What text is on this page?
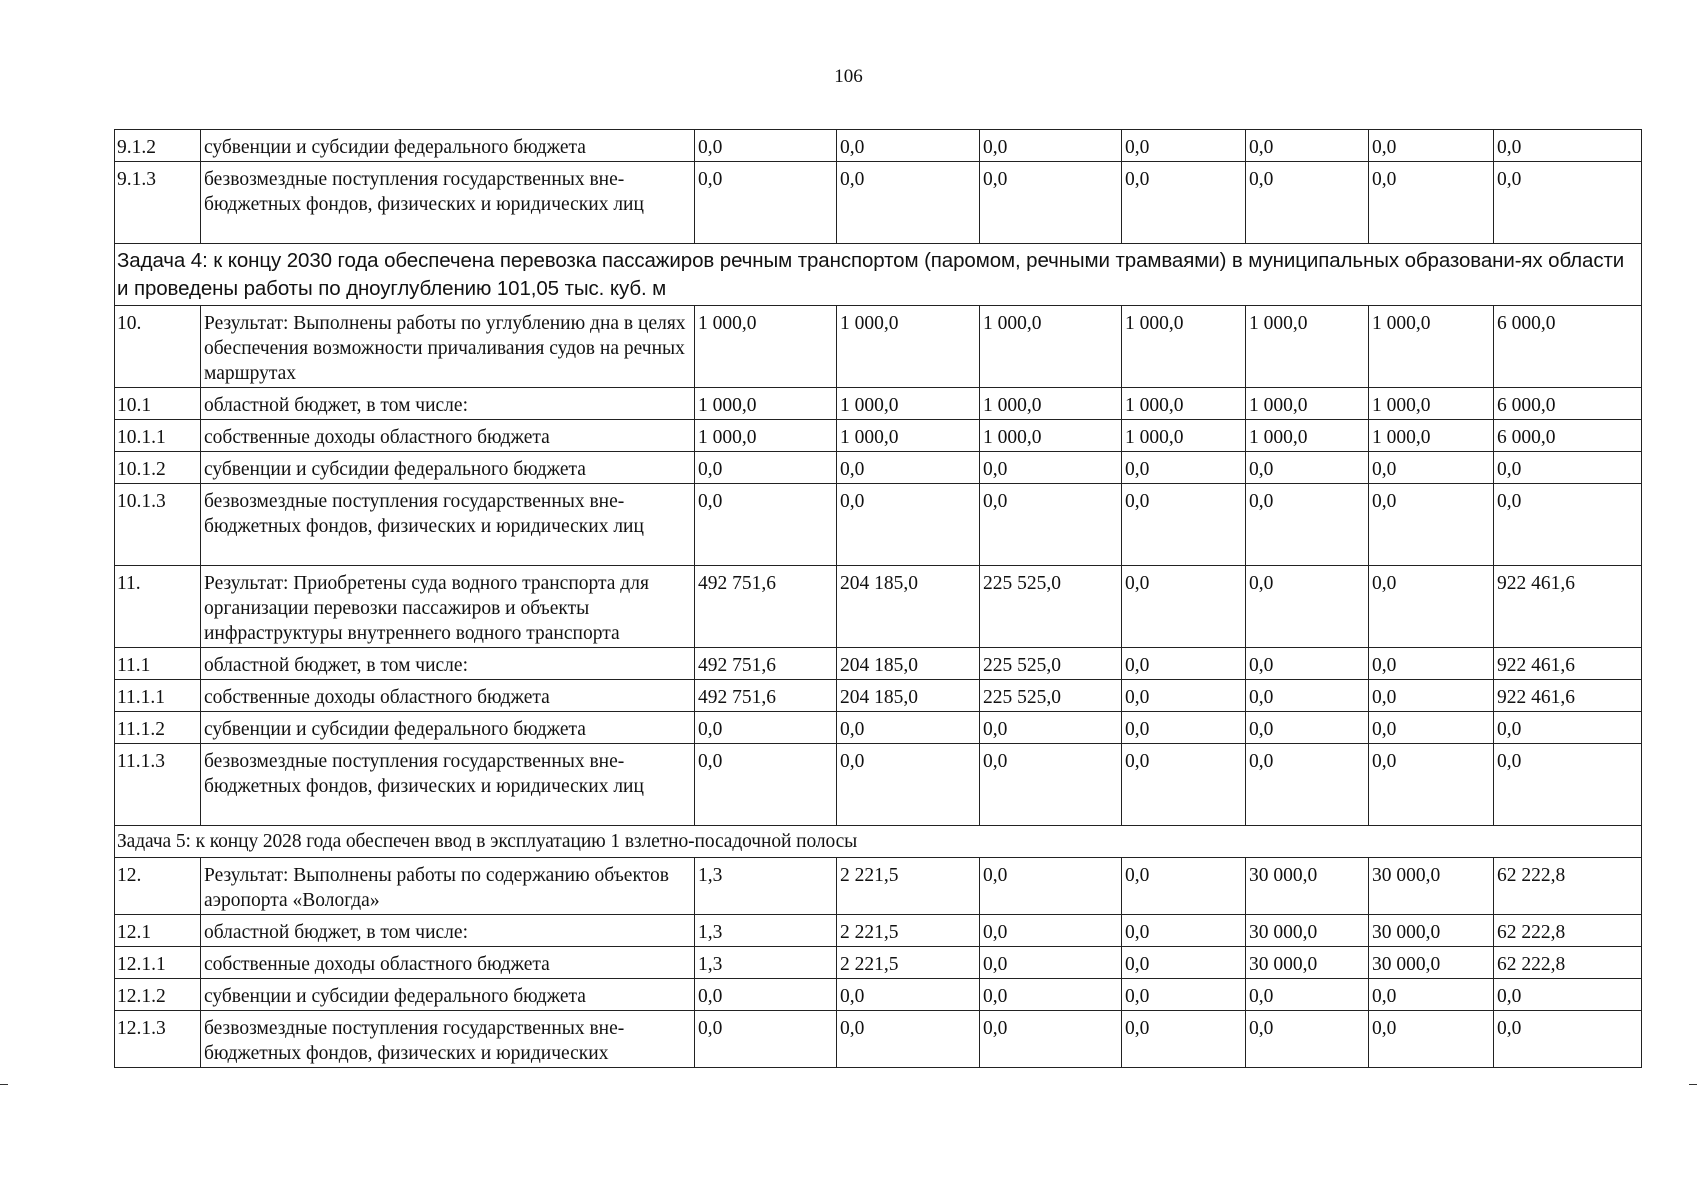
106
9.1.2	субвенции и субсидии федерального бюджета	0,0	0,0	0,0	0,0	0,0	0,0	0,0
9.1.3	безвозмездные поступления государственных вне-бюджетных фондов, физических и юридических лиц	0,0	0,0	0,0	0,0	0,0	0,0	0,0
Задача 4: к концу 2030 года обеспечена перевозка пассажиров речным транспортом (паромом, речными трамваями) в муниципальных образовани-ях области и проведены работы по дноуглублению 101,05 тыс. куб. м								
10.	Результат: Выполнены работы по углублению дна в целях обеспечения возможности причаливания судов на речных маршрутах	1 000,0	1 000,0	1 000,0	1 000,0	1 000,0	1 000,0	6 000,0
10.1	областной бюджет, в том числе:	1 000,0	1 000,0	1 000,0	1 000,0	1 000,0	1 000,0	6 000,0
10.1.1	собственные доходы областного бюджета	1 000,0	1 000,0	1 000,0	1 000,0	1 000,0	1 000,0	6 000,0
10.1.2	субвенции и субсидии федерального бюджета	0,0	0,0	0,0	0,0	0,0	0,0	0,0
10.1.3	безвозмездные поступления государственных вне-бюджетных фондов, физических и юридических лиц	0,0	0,0	0,0	0,0	0,0	0,0	0,0
11.	Результат: Приобретены суда водного транспорта для организации перевозки пассажиров и объекты инфраструктуры внутреннего водного транспорта	492 751,6	204 185,0	225 525,0	0,0	0,0	0,0	922 461,6
11.1	областной бюджет, в том числе:	492 751,6	204 185,0	225 525,0	0,0	0,0	0,0	922 461,6
11.1.1	собственные доходы областного бюджета	492 751,6	204 185,0	225 525,0	0,0	0,0	0,0	922 461,6
11.1.2	субвенции и субсидии федерального бюджета	0,0	0,0	0,0	0,0	0,0	0,0	0,0
11.1.3	безвозмездные поступления государственных вне-бюджетных фондов, физических и юридических лиц	0,0	0,0	0,0	0,0	0,0	0,0	0,0
Задача 5: к концу 2028 года обеспечен ввод в эксплуатацию 1 взлетно-посадочной полосы								
12.	Результат: Выполнены работы по содержанию объектов аэропорта «Вологда»	1,3	2 221,5	0,0	0,0	30 000,0	30 000,0	62 222,8
12.1	областной бюджет, в том числе:	1,3	2 221,5	0,0	0,0	30 000,0	30 000,0	62 222,8
12.1.1	собственные доходы областного бюджета	1,3	2 221,5	0,0	0,0	30 000,0	30 000,0	62 222,8
12.1.2	субвенции и субсидии федерального бюджета	0,0	0,0	0,0	0,0	0,0	0,0	0,0
12.1.3	безвозмездные поступления государственных вне-бюджетных фондов, физических и юридических	0,0	0,0	0,0	0,0	0,0	0,0	0,0
